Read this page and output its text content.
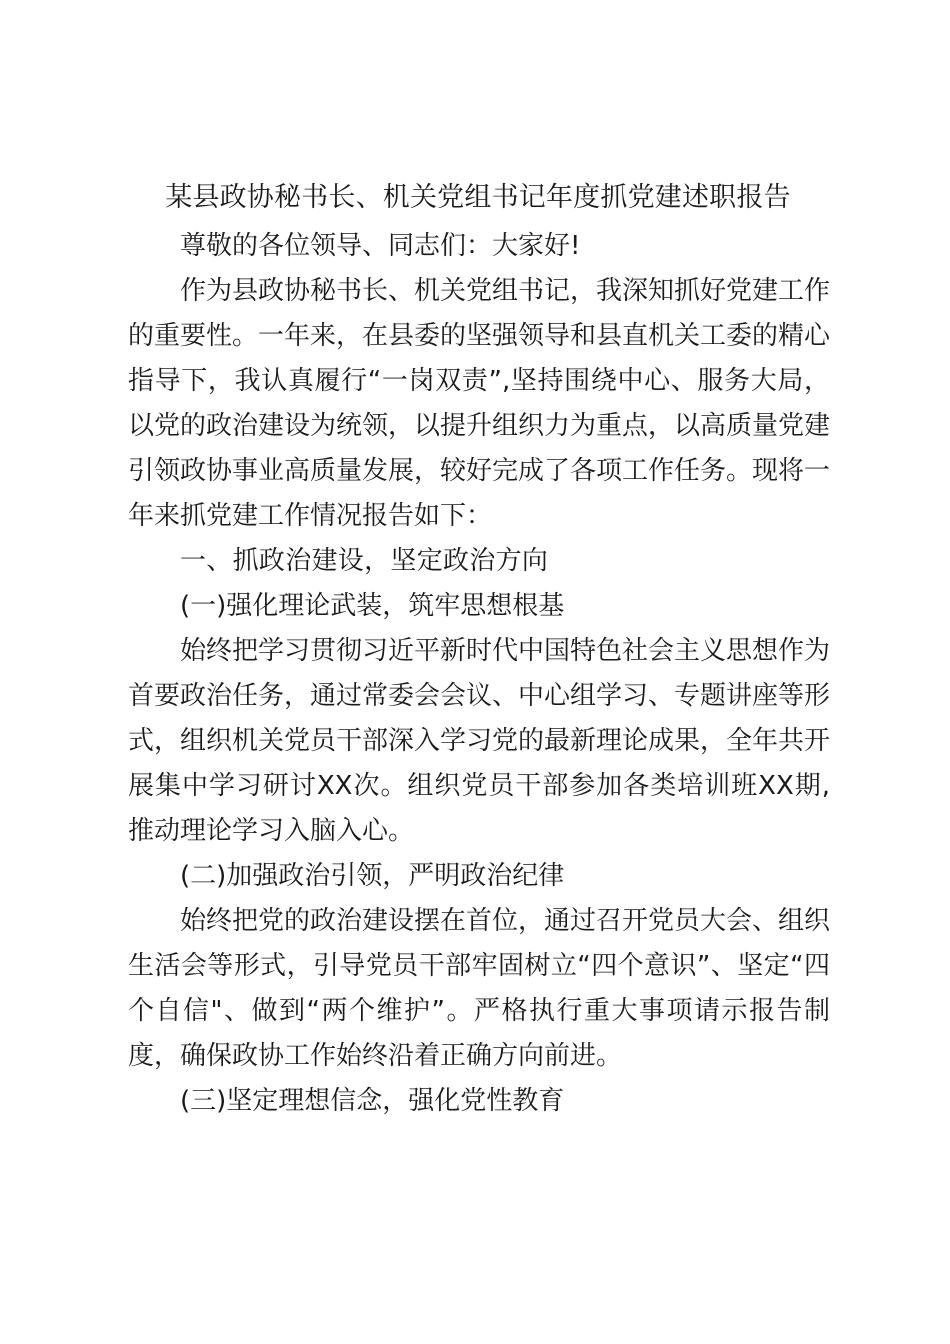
某县政协秘书长、机关党组书记年度抓党建述职报告

尊敬的各位领导、同志们：大家好!

作为县政协秘书长、机关党组书记，我深知抓好党建工作的重要性。一年来，在县委的坚强领导和县直机关工委的精心指导下，我认真履行“一岗双责”,坚持围绕中心、服务大局，以党的政治建设为统领，以提升组织力为重点，以高质量党建引领政协事业高质量发展，较好完成了各项工作任务。现将一年来抓党建工作情况报告如下：

一、抓政治建设，坚定政治方向

(一)强化理论武装，筑牢思想根基

始终把学习贯彻习近平新时代中国特色社会主义思想作为首要政治任务，通过常委会会议、中心组学习、专题讲座等形式，组织机关党员干部深入学习党的最新理论成果，全年共开展集中学习研讨XX次。组织党员干部参加各类培训班XX期,推动理论学习入脑入心。

(二)加强政治引领，严明政治纪律

始终把党的政治建设摆在首位，通过召开党员大会、组织生活会等形式，引导党员干部牢固树立“四个意识”、坚定“四个自信"、做到“两个维护”。严格执行重大事项请示报告制度，确保政协工作始终沿着正确方向前进。

(三)坚定理想信念，强化党性教育
